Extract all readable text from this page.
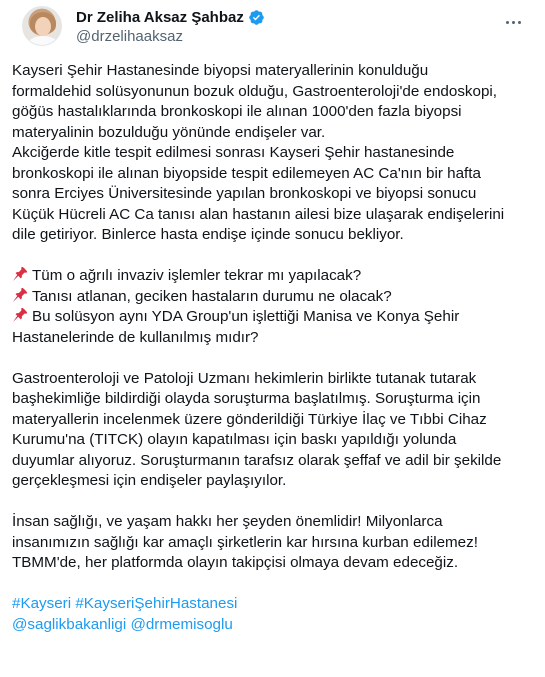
Dr Zeliha Aksaz Şahbaz
@drzelihaaksaz
Kayseri Şehir Hastanesinde biyopsi materyallerinin konulduğu
formaldehid solüsyonunun bozuk olduğu, Gastroenteroloji'de endoskopi,
göğüs hastalıklarında bronkoskopi ile alınan 1000'den fazla biyopsi
materyalinin bozulduğu yönünde endişeler var.
Akciğerde kitle tespit edilmesi sonrası Kayseri Şehir hastanesinde
bronkoskopi ile alınan biyopside tespit edilemeyen AC Ca'nın bir hafta
sonra Erciyes Üniversitesinde yapılan bronkoskopi ve biyopsi sonucu
Küçük Hücreli AC Ca tanısı alan hastanın ailesi bize ulaşarak endişelerini
dile getiriyor. Binlerce hasta endişe içinde sonucu bekliyor.
Tüm o ağrılı invaziv işlemler tekrar mı yapılacak?
Tanısı atlanan, geciken hastaların durumu ne olacak?
Bu solüsyon aynı YDA Group'un işlettiği Manisa ve Konya Şehir
Hastanelerinde de kullanılmış mıdır?
Gastroenteroloji ve Patoloji Uzmanı hekimlerin birlikte tutanak tutarak
başhekimliğe bildirdiği olayda soruşturma başlatılmış. Soruşturma için
materyallerin incelenmek üzere gönderildiği Türkiye İlaç ve Tıbbi Cihaz
Kurumu'na (TITCK) olayın kapatılması için baskı yapıldığı yolunda
duyumlar alıyoruz. Soruşturmanın tarafsız olarak şeffaf ve adil bir şekilde
gerçekleşmesi için endişeler paylaşıyılor.
İnsan sağlığı, ve yaşam hakkı her şeyden önemlidir! Milyonlarca
insanımızın sağlığı kar amaçlı şirketlerin kar hırsına kurban edilemez!
TBMM'de, her platformda olayın takipçisi olmaya devam edeceğiz.
#Kayseri #KayseriŞehirHastanesi
@saglikbakanligi @drmemisoglu
